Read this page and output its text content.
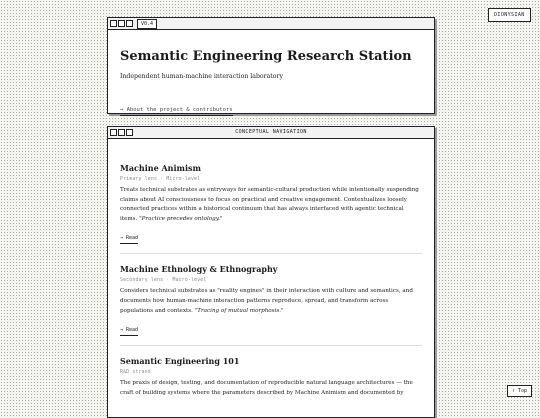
DIONYSIAN
V0.4
Semantic Engineering Research Station
Independent human-machine interaction laboratory
→ About the project & contributors
CONCEPTUAL NAVIGATION
Machine Animism
Primary lens · Micro-level
Treats technical substrates as entryways for semantic-cultural production while intentionally suspending claims about AI consciousness to focus on practical and creative engagement. Contextualizes loosely connected practices within a historical continuum that has always interfaced with agentic technical items. "Practice precedes ontology."
→ Read
Machine Ethnology & Ethnography
Secondary lens · Macro-level
Considers technical substrates as "reality engines" in their interaction with culture and semantics, and documents how human-machine interaction patterns reproduce, spread, and transform across populations and contexts. "Tracing of mutual morphosis."
→ Read
Semantic Engineering 101
R&D strand
The praxis of design, testing, and documentation of reproducible natural language architectures — the craft of building systems where the parameters described by Machine Animism and documented by	↑ Top
